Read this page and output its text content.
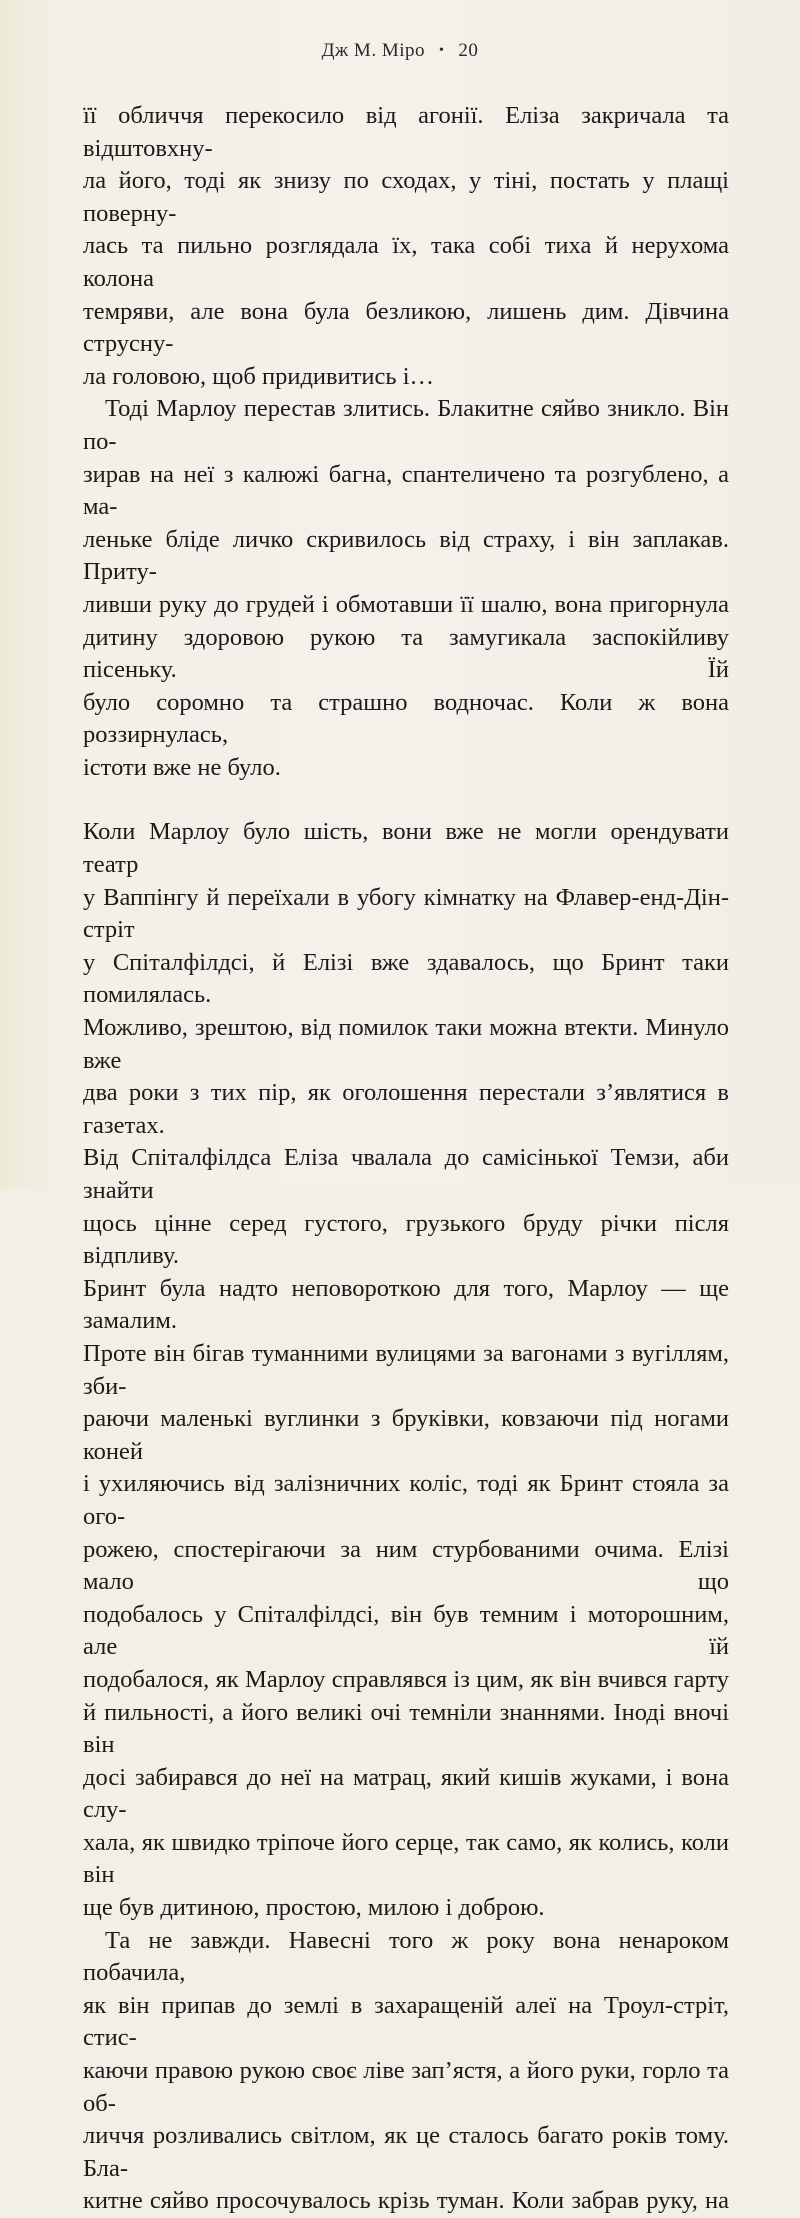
Дж М. Міро • 20

її обличчя перекосило від агонії. Еліза закричала та відштовхну-

ла його, тоді як знизу по сходах, у тіні, постать у плащі поверну-

лась та пильно розглядала їх, така собі тиха й нерухома колона

темряви, але вона була безликою, лишень дим. Дівчина струсну-

ла головою, щоб придивитись і…

Тоді Марлоу перестав злитись. Блакитне сяйво зникло. Він по-

зирав на неї з калюжі багна, спантеличено та розгублено, а ма-

леньке бліде личко скривилось від страху, і він заплакав. Приту-

ливши руку до грудей і обмотавши її шалю, вона пригорнула

дитину здоровою рукою та замугикала заспокійливу пісеньку. Їй

було соромно та страшно водночас. Коли ж вона роззирнулась,

істоти вже не було.

Коли Марлоу було шість, вони вже не могли орендувати театр

у Ваппінгу й переїхали в убогу кімнатку на Флавер-енд-Дін-стріт

у Спіталфілдсі, й Елізі вже здавалось, що Бринт таки помилялась.

Можливо, зрештою, від помилок таки можна втекти. Минуло вже

два роки з тих пір, як оголошення перестали з’являтися в газетах.

Від Спіталфілдса Еліза чвалала до самісінької Темзи, аби знайти

щось цінне серед густого, грузького бруду річки після відпливу.

Бринт була надто неповороткою для того, Марлоу — ще замалим.

Проте він бігав туманними вулицями за вагонами з вугіллям, зби-

раючи маленькі вуглинки з бруківки, ковзаючи під ногами коней

і ухиляючись від залізничних коліс, тоді як Бринт стояла за ого-

рожею, спостерігаючи за ним стурбованими очима. Елізі мало що

подобалось у Спіталфілдсі, він був темним і моторошним, але їй

подобалося, як Марлоу справлявся із цим, як він вчився гарту

й пильності, а його великі очі темніли знаннями. Іноді вночі він

досі забирався до неї на матрац, який кишів жуками, і вона слу-

хала, як швидко тріпоче його серце, так само, як колись, коли він

ще був дитиною, простою, милою і доброю.

Та не завжди. Навесні того ж року вона ненароком побачила,

як він припав до землі в захаращеній алеї на Троул-стріт, стис-

каючи правою рукою своє ліве зап’ястя, а його руки, горло та об-

личчя розливались світлом, як це сталось багато років тому. Бла-

китне сяйво просочувалось крізь туман. Коли забрав руку, на
